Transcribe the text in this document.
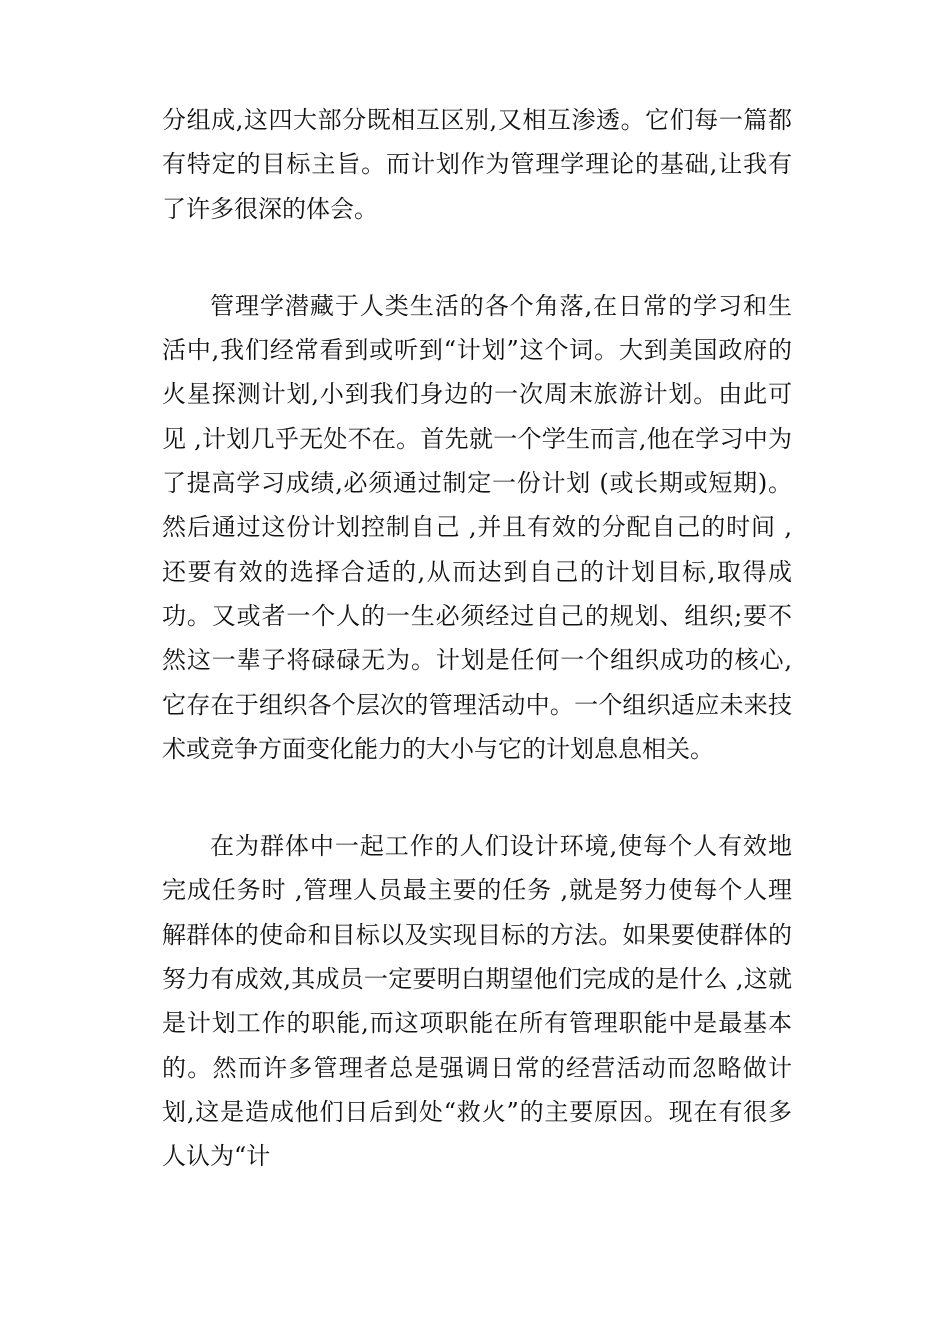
分组成,这四大部分既相互区别,又相互渗透。它们每一篇都有特定的目标主旨。而计划作为管理学理论的基础,让我有了许多很深的体会。

管理学潜藏于人类生活的各个角落,在日常的学习和生活中,我们经常看到或听到“计划”这个词。大到美国政府的火星探测计划,小到我们身边的一次周末旅游计划。由此可见 ,计划几乎无处不在。首先就一个学生而言,他在学习中为了提高学习成绩,必须通过制定一份计划 (或长期或短期)。然后通过这份计划控制自己 ,并且有效的分配自己的时间 ,还要有效的选择合适的,从而达到自己的计划目标,取得成功。又或者一个人的一生必须经过自己的规划、组织;要不然这一辈子将碌碌无为。计划是任何一个组织成功的核心,它存在于组织各个层次的管理活动中。一个组织适应未来技术或竞争方面变化能力的大小与它的计划息息相关。

在为群体中一起工作的人们设计环境,使每个人有效地完成任务时 ,管理人员最主要的任务 ,就是努力使每个人理解群体的使命和目标以及实现目标的方法。如果要使群体的努力有成效,其成员一定要明白期望他们完成的是什么 ,这就是计划工作的职能,而这项职能在所有管理职能中是最基本的。然而许多管理者总是强调日常的经营活动而忽略做计划,这是造成他们日后到处“救火”的主要原因。现在有很多人认为“计
